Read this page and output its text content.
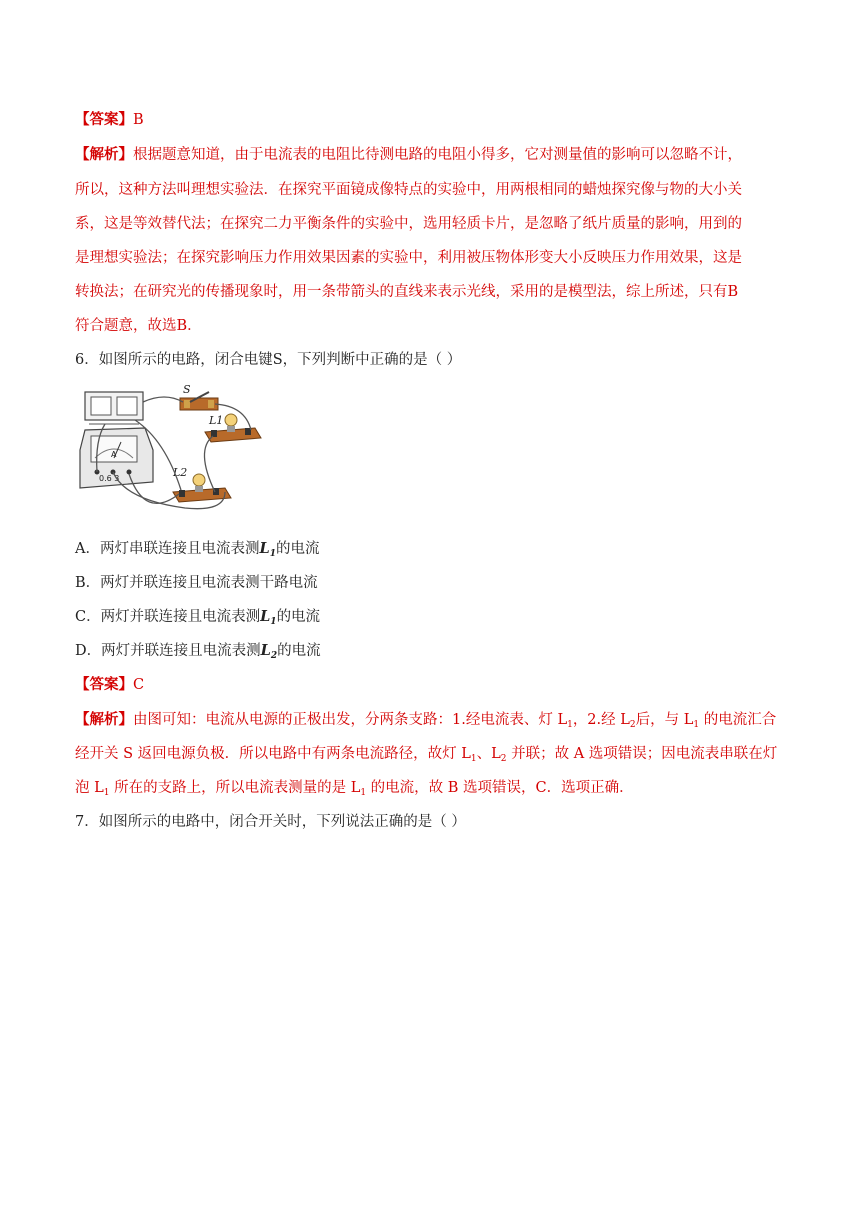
【答案】B
【解析】根据题意知道，由于电流表的电阻比待测电路的电阻小得多，它对测量值的影响可以忽略不计，
所以，这种方法叫理想实验法．在探究平面镜成像特点的实验中，用两根相同的蜡烛探究像与物的大小关
系，这是等效替代法；在探究二力平衡条件的实验中，选用轻质卡片，是忽略了纸片质量的影响，用到的
是理想实验法；在探究影响压力作用效果因素的实验中，利用被压物体形变大小反映压力作用效果，这是
转换法；在研究光的传播现象时，用一条带箭头的直线来表示光线，采用的是模型法，综上所述，只有B
符合题意，故选B．
6．如图所示的电路，闭合电键S，下列判断中正确的是（ ）
A
0.6 3
S
L1
L2
A．两灯串联连接且电流表测$L_1$的电流
B．两灯并联连接且电流表测干路电流
C．两灯并联连接且电流表测$L_1$的电流
D．两灯并联连接且电流表测$L_2$的电流
【答案】C
【解析】由图可知：电流从电源的正极出发，分两条支路：1.经电流表、灯 $L_1$，2.经 $L_2$后，与 $L_1$ 的电流汇合
经开关 S 返回电源负极．所以电路中有两条电流路径，故灯 $L_1$、$L_2$ 并联；故 A 选项错误；因电流表串联在灯
泡 $L_1$ 所在的支路上，所以电流表测量的是 $L_1$ 的电流，故 B 选项错误，C．选项正确．
7．如图所示的电路中，闭合开关时，下列说法正确的是（ ）
